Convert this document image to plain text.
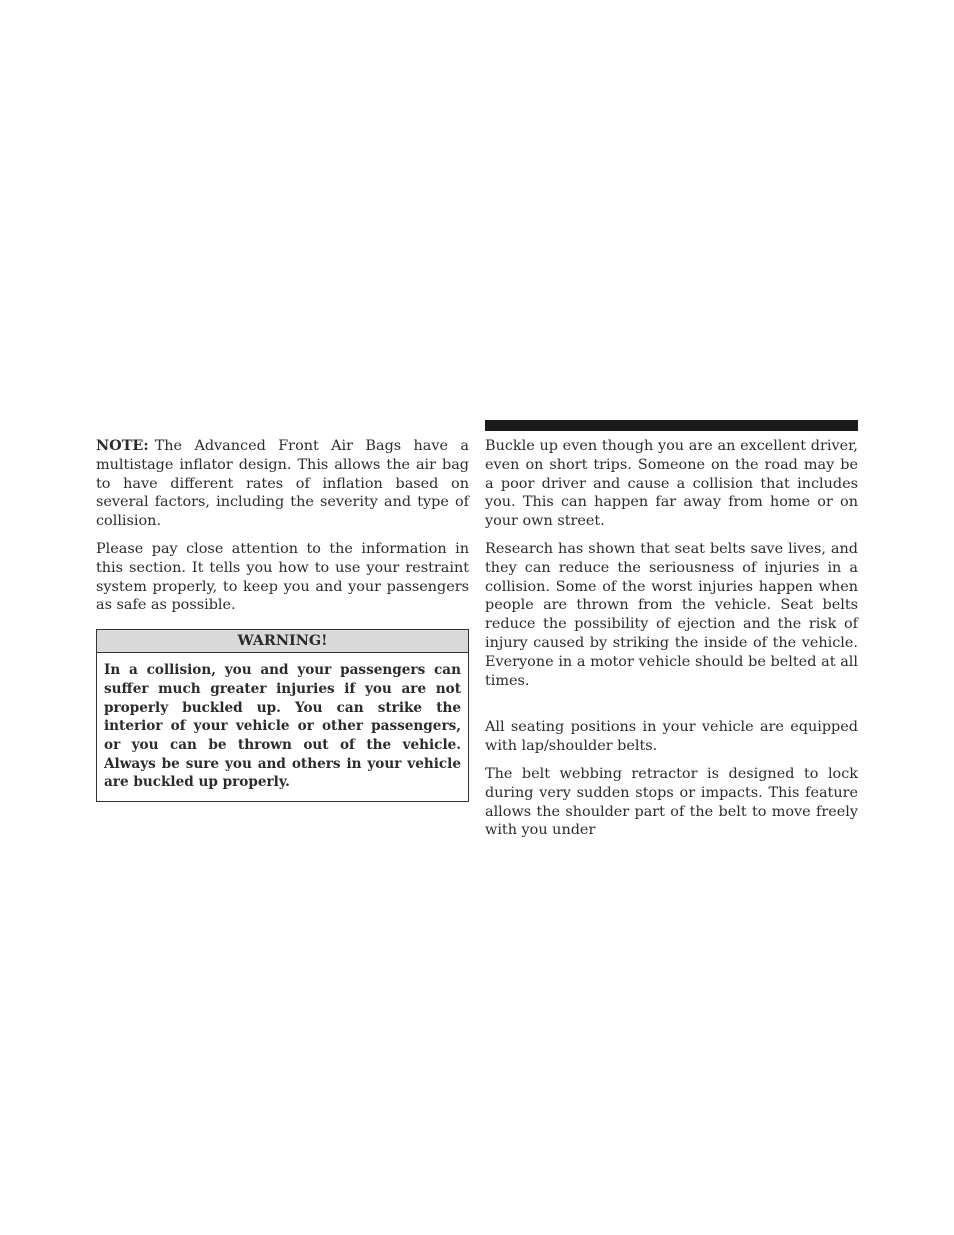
NOTE: The Advanced Front Air Bags have a multistage inflator design. This allows the air bag to have different rates of inflation based on several factors, including the severity and type of collision.

Please pay close attention to the information in this section. It tells you how to use your restraint system properly, to keep you and your passengers as safe as possible.

WARNING!
In a collision, you and your passengers can suffer much greater injuries if you are not properly buckled up. You can strike the interior of your vehicle or other passengers, or you can be thrown out of the vehicle. Always be sure you and others in your vehicle are buckled up properly.

Buckle up even though you are an excellent driver, even on short trips. Someone on the road may be a poor driver and cause a collision that includes you. This can happen far away from home or on your own street.

Research has shown that seat belts save lives, and they can reduce the seriousness of injuries in a collision. Some of the worst injuries happen when people are thrown from the vehicle. Seat belts reduce the possibility of ejection and the risk of injury caused by striking the inside of the vehicle. Everyone in a motor vehicle should be belted at all times.

All seating positions in your vehicle are equipped with lap/shoulder belts.

The belt webbing retractor is designed to lock during very sudden stops or impacts. This feature allows the shoulder part of the belt to move freely with you under
